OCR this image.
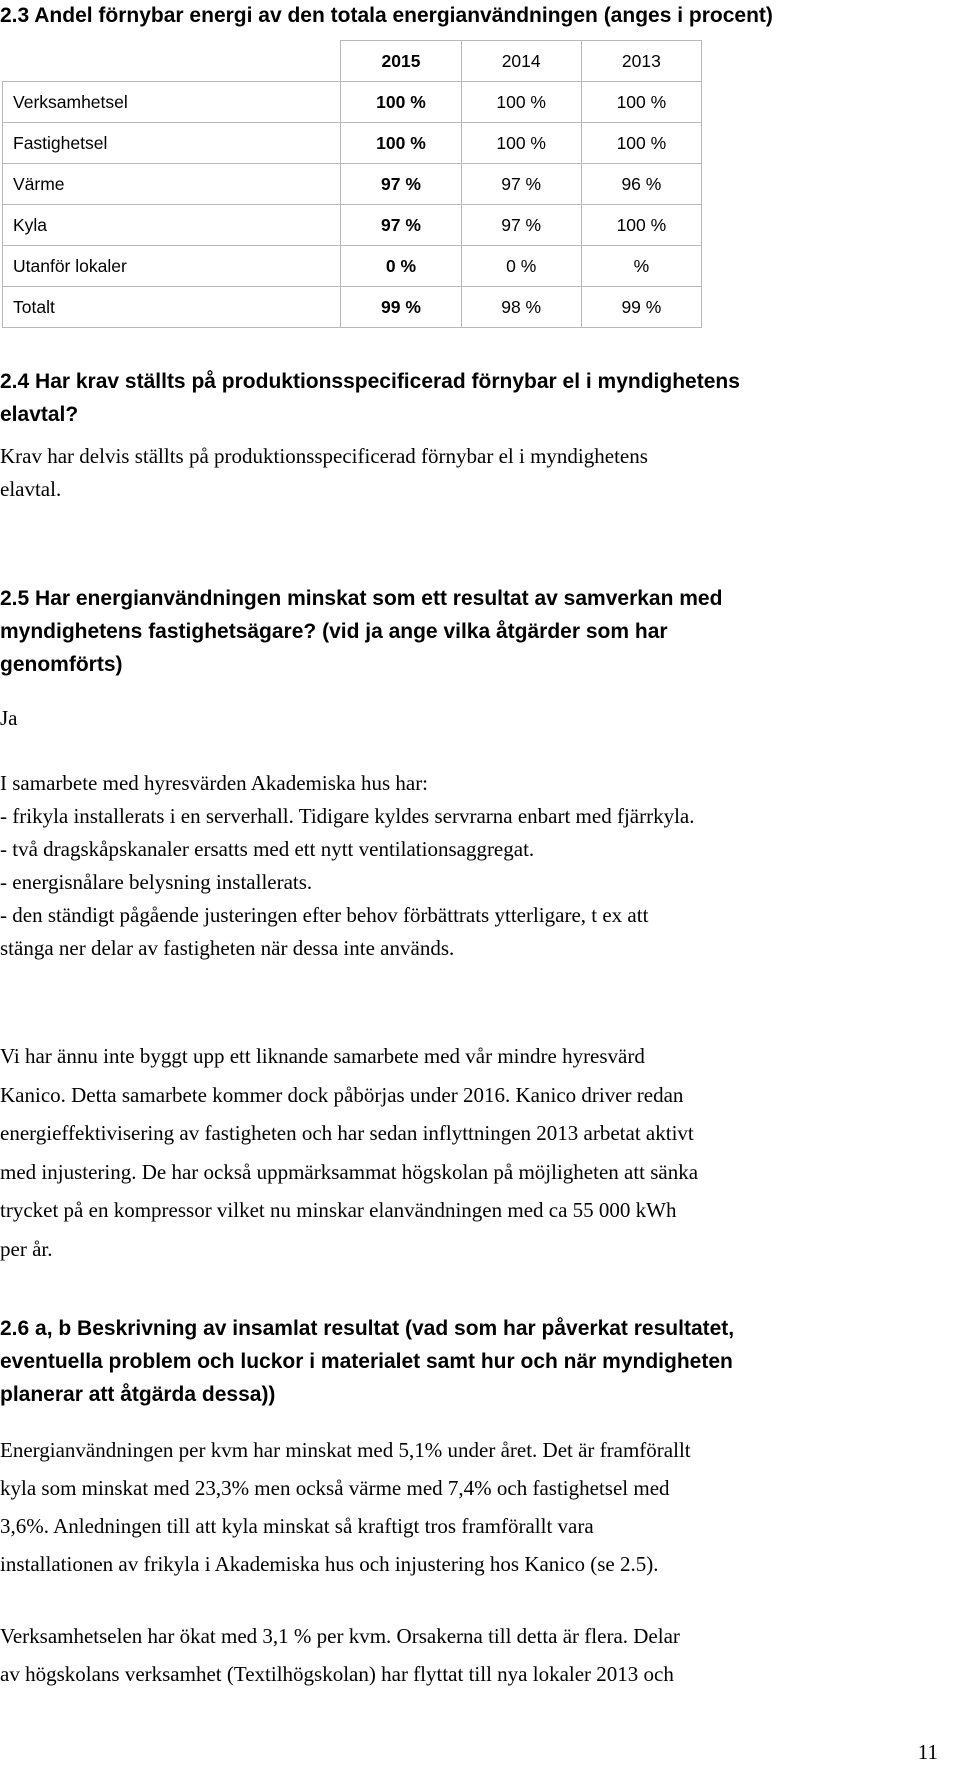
2.3 Andel förnybar energi av den totala energianvändningen (anges i procent)
	2015	2014	2013
Verksamhetsel	100 %	100 %	100 %
Fastighetsel	100 %	100 %	100 %
Värme	97 %	97 %	96 %
Kyla	97 %	97 %	100 %
Utanför lokaler	0 %	0 %	%
Totalt	99 %	98 %	99 %
2.4 Har krav ställts på produktionsspecificerad förnybar el i myndighetens
elavtal?

Krav har delvis ställts på produktionsspecificerad förnybar el i myndighetens
elavtal.

2.5 Har energianvändningen minskat som ett resultat av samverkan med
myndighetens fastighetsägare? (vid ja ange vilka åtgärder som har
genomförts)

Ja

I samarbete med hyresvärden Akademiska hus har:
- frikyla installerats i en serverhall. Tidigare kyldes servrarna enbart med fjärrkyla.
- två dragskåpskanaler ersatts med ett nytt ventilationsaggregat.
- energisnålare belysning installerats.
- den ständigt pågående justeringen efter behov förbättrats ytterligare, t ex att
stänga ner delar av fastigheten när dessa inte används.

Vi har ännu inte byggt upp ett liknande samarbete med vår mindre hyresvärd
Kanico. Detta samarbete kommer dock påbörjas under 2016. Kanico driver redan
energieffektivisering av fastigheten och har sedan inflyttningen 2013 arbetat aktivt
med injustering. De har också uppmärksammat högskolan på möjligheten att sänka
trycket på en kompressor vilket nu minskar elanvändningen med ca 55 000 kWh
per år.

2.6 a, b Beskrivning av insamlat resultat (vad som har påverkat resultatet,
eventuella problem och luckor i materialet samt hur och när myndigheten
planerar att åtgärda dessa))

Energianvändningen per kvm har minskat med 5,1% under året. Det är framförallt
kyla som minskat med 23,3% men också värme med 7,4% och fastighetsel med
3,6%. Anledningen till att kyla minskat så kraftigt tros framförallt vara
installationen av frikyla i Akademiska hus och injustering hos Kanico (se 2.5).

Verksamhetselen har ökat med 3,1 % per kvm. Orsakerna till detta är flera. Delar
av högskolans verksamhet (Textilhögskolan) har flyttat till nya lokaler 2013 och

11
